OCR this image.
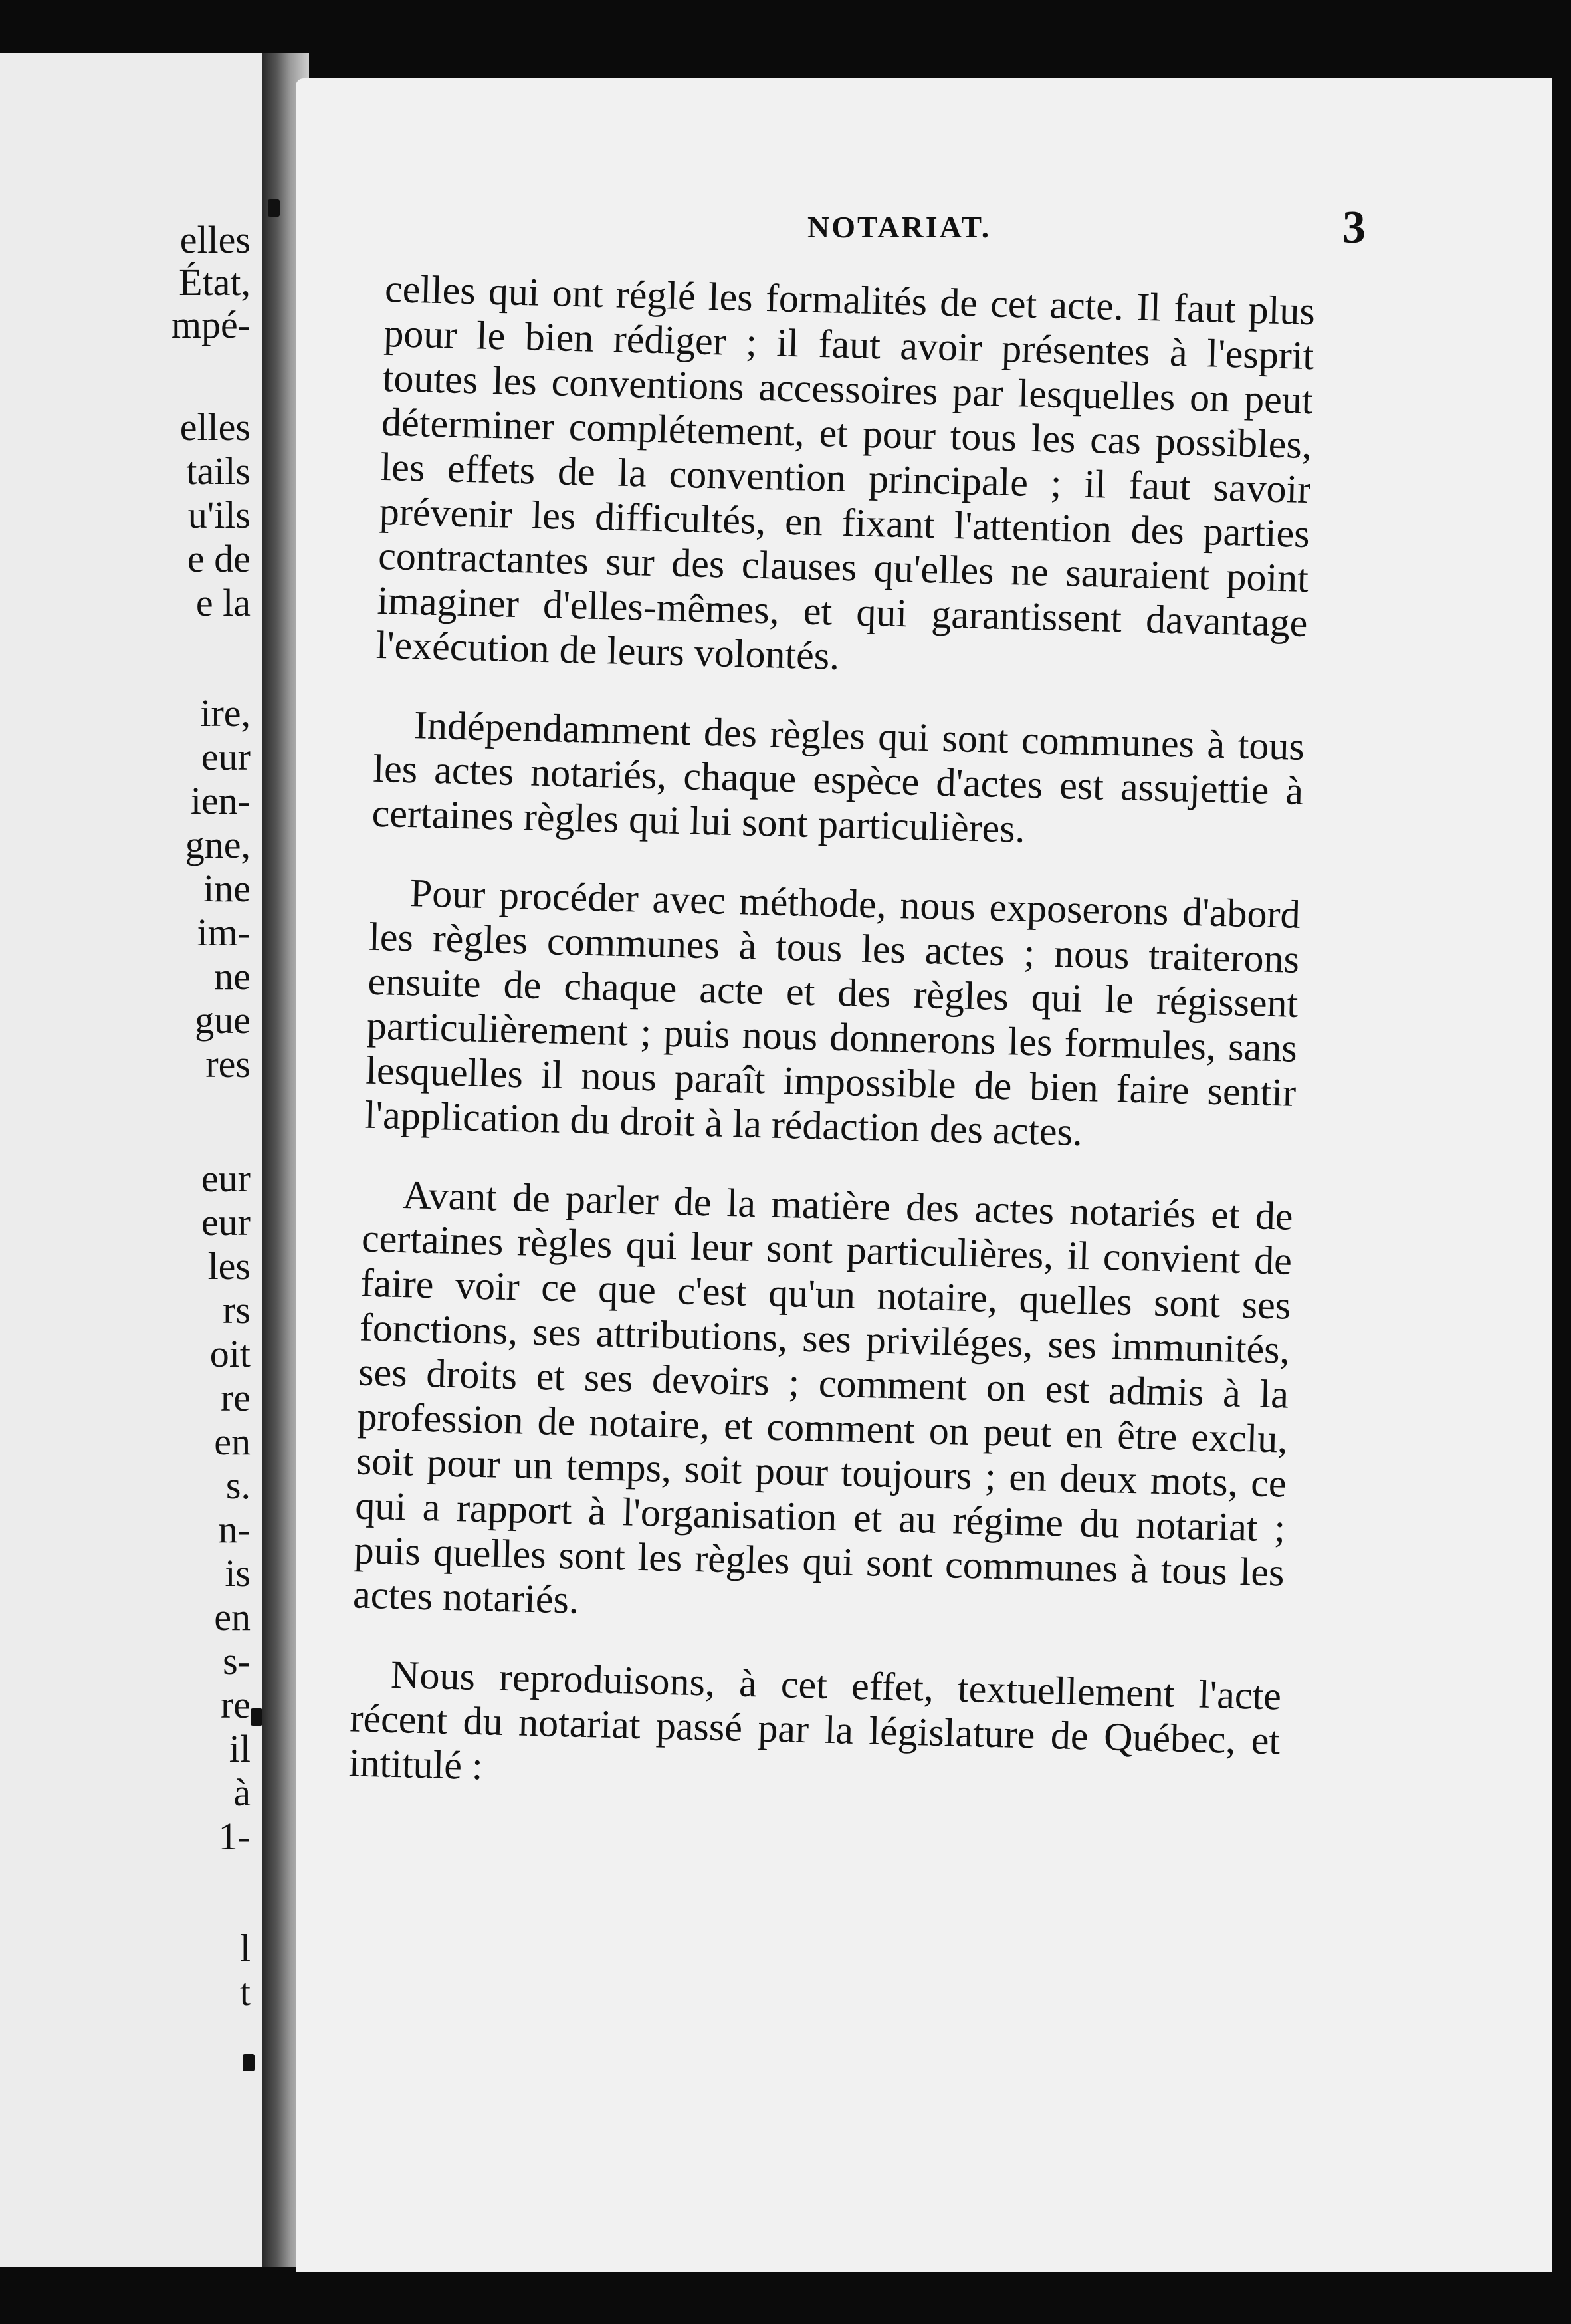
elles

État,

mpé-

elles

tails

u'ils

e de

e la

ire,

eur

ien-

gne,

ine

im-

ne

gue

res

eur

eur

les

rs

oit

re

en

s.

n-

is

en

s-

re

il

à

1-

l

t

NOTARIAT.	3

celles qui ont réglé les formalités de cet acte. Il faut plus pour le bien rédiger ; il faut avoir présentes à l'esprit toutes les conventions accessoires par lesquelles on peut déterminer complétement, et pour tous les cas possibles, les effets de la convention principale ; il faut savoir prévenir les difficultés, en fixant l'attention des parties contractantes sur des clauses qu'elles ne sauraient point imaginer d'elles-mêmes, et qui garantissent davantage l'exécution de leurs volontés.

Indépendamment des règles qui sont communes à tous les actes notariés, chaque espèce d'actes est assujettie à certaines règles qui lui sont particulières.

Pour procéder avec méthode, nous exposerons d'abord les règles communes à tous les actes ; nous traiterons ensuite de chaque acte et des règles qui le régissent particulièrement ; puis nous donnerons les formules, sans lesquelles il nous paraît impossible de bien faire sentir l'application du droit à la rédaction des actes.

Avant de parler de la matière des actes notariés et de certaines règles qui leur sont particulières, il convient de faire voir ce que c'est qu'un notaire, quelles sont ses fonctions, ses attributions, ses priviléges, ses immunités, ses droits et ses devoirs ; comment on est admis à la profession de notaire, et comment on peut en être exclu, soit pour un temps, soit pour toujours ; en deux mots, ce qui a rapport à l'organisation et au régime du notariat ; puis quelles sont les règles qui sont communes à tous les actes notariés.

Nous reproduisons, à cet effet, textuellement l'acte récent du notariat passé par la législature de Québec, et intitulé :
